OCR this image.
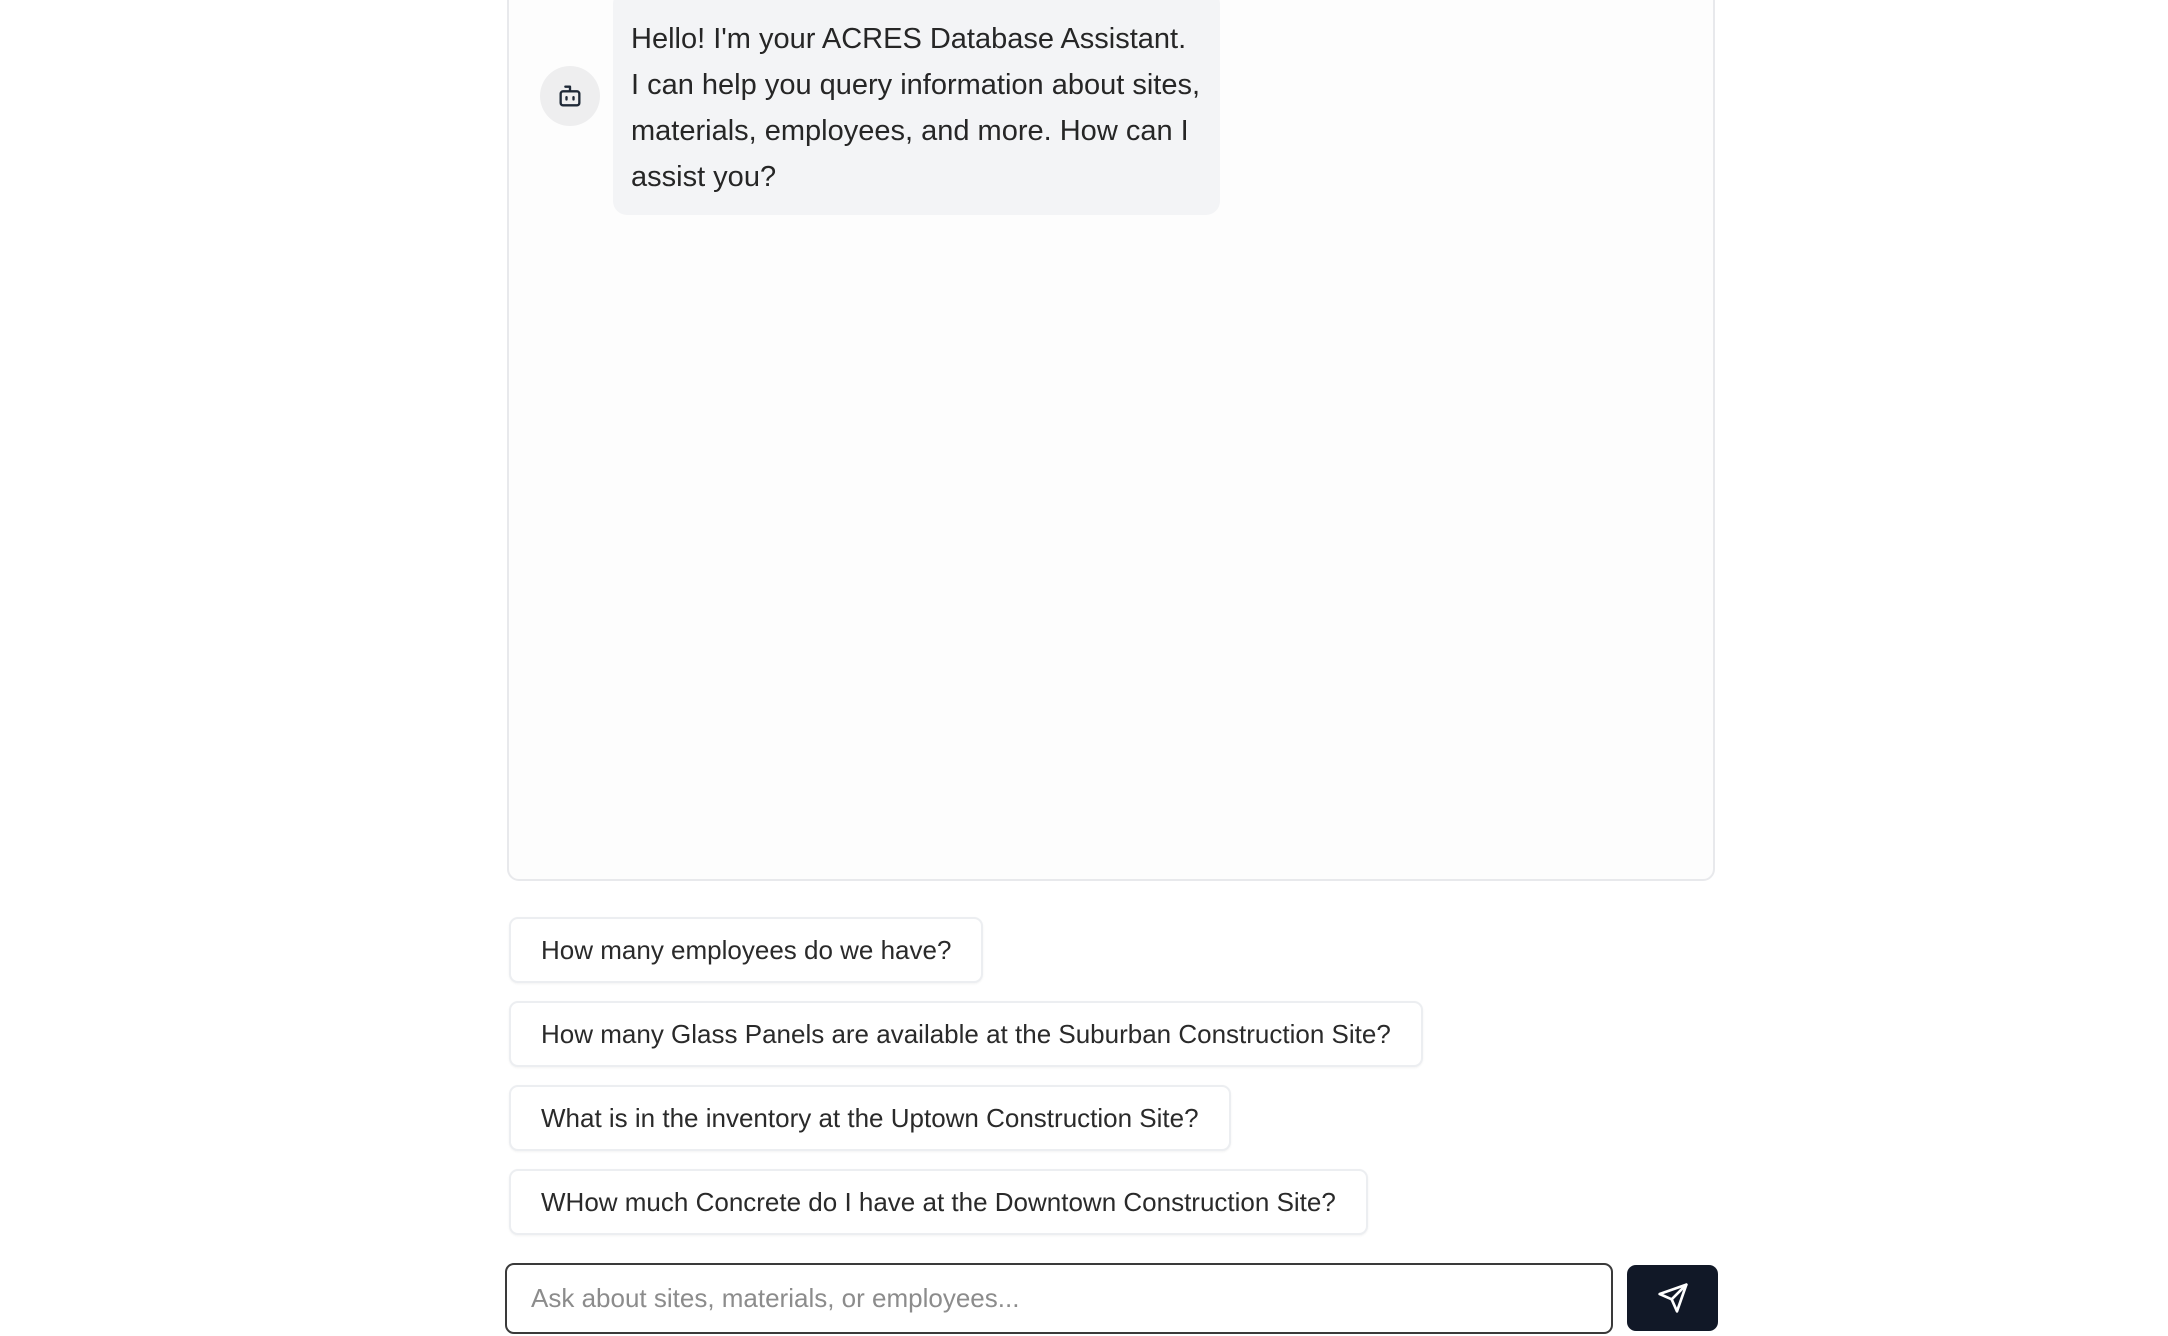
Hello! I'm your ACRES Database Assistant. I can help you query information about sites, materials, employees, and more. How can I assist you?
How many employees do we have?
How many Glass Panels are available at the Suburban Construction Site?
What is in the inventory at the Uptown Construction Site?
WHow much Concrete do I have at the Downtown Construction Site?
Ask about sites, materials, or employees...
